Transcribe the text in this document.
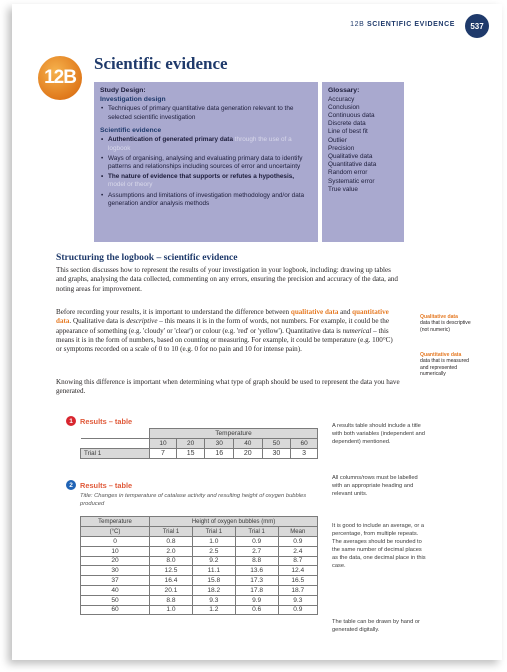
12B SCIENTIFIC EVIDENCE	537
12B
Scientific evidence
Study Design:
Investigation design
• Techniques of primary quantitative data generation relevant to the selected scientific investigation
Scientific evidence
• Authentication of generated primary data through the use of a logbook
• Ways of organising, analysing and evaluating primary data to identify patterns and relationships including sources of error and uncertainty
• The nature of evidence that supports or refutes a hypothesis, model or theory
• Assumptions and limitations of investigation methodology and/or data generation and/or analysis methods
Glossary:
Accuracy
Conclusion
Continuous data
Discrete data
Line of best fit
Outlier
Precision
Qualitative data
Quantitative data
Random error
Systematic error
True value
Structuring the logbook – scientific evidence

This section discusses how to represent the results of your investigation in your logbook, including: drawing up tables and graphs, analysing the data collected, commenting on any errors, ensuring the precision and accuracy of the data, and noting areas for improvement.

Before recording your results, it is important to understand the difference between qualitative data and quantitative data. Qualitative data is descriptive – this means it is in the form of words, not numbers. For example, it could be the appearance of something (e.g. 'cloudy' or 'clear') or colour (e.g. 'red' or 'yellow'). Quantitative data is numerical – this means it is in the form of numbers, based on counting or measuring. For example, it could be temperature (e.g. 100°C) or symptoms recorded on a scale of 0 to 10 (e.g. 0 for no pain and 10 for intense pain).

Knowing this difference is important when determining what type of graph should be used to represent the data you have generated.

Qualitative data
data that is descriptive (not numeric)
Quantitative data
data that is measured and represented numerically
1 Results – table
	Temperature					
	10	20	30	40	50	60
Trial 1	7	15	16	20	30	3
2 Results – table
Title: Changes in temperature of catalase activity and resulting height of oxygen bubbles produced
Temperature	Height of oxygen bubbles (mm)			
(°C)	Trial 1	Trial 1	Trial 1	Mean
0	0.8	1.0	0.9	0.9
10	2.0	2.5	2.7	2.4
20	8.0	9.2	8.8	8.7
30	12.5	11.1	13.6	12.4
37	16.4	15.8	17.3	16.5
40	20.1	18.2	17.8	18.7
50	8.8	9.3	9.9	9.3
60	1.0	1.2	0.6	0.9
A results table should include a title with both variables (independent and dependent) mentioned.
All columns/rows must be labelled with an appropriate heading and relevant units.
It is good to include an average, or a percentage, from multiple repeats. The averages should be rounded to the same number of decimal places as the data, one decimal place in this case.
The table can be drawn by hand or generated digitally.
